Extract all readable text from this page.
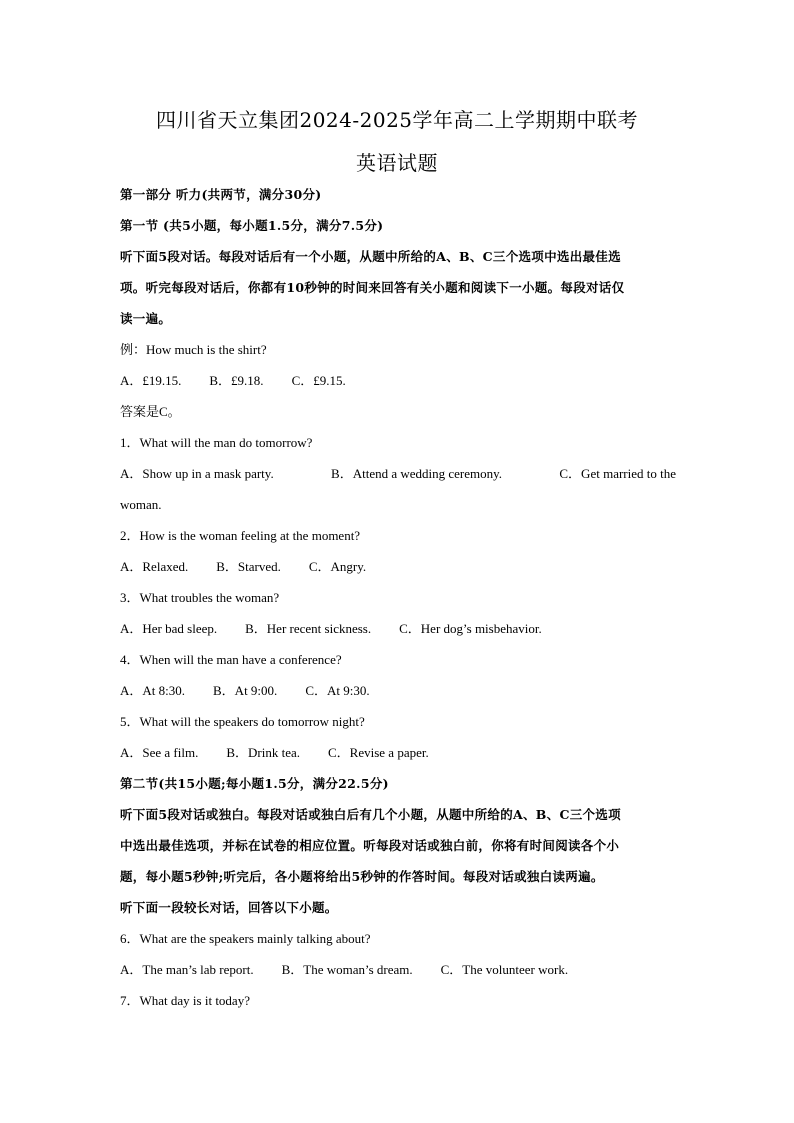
四川省天立集团2024-2025学年高二上学期期中联考
英语试题
第一部分 听力(共两节，满分30分)
第一节 (共5小题，每小题1.5分，满分7.5分)
听下面5段对话。每段对话后有一个小题，从题中所给的A、B、C三个选项中选出最佳选
项。听完每段对话后，你都有10秒钟的时间来回答有关小题和阅读下一小题。每段对话仅
读一遍。
例：How much is the shirt?
A．£19.15. B．£9.18. C．£9.15.
答案是C。
1．What will the man do tomorrow?
A．Show up in a mask party.	B．Attend a wedding ceremony.	C．Get married to the
woman.
2．How is the woman feeling at the moment?
A．Relaxed. B．Starved. C．Angry.
3．What troubles the woman?
A．Her bad sleep. B．Her recent sickness. C．Her dog’s misbehavior.
4．When will the man have a conference?
A．At 8:30. B．At 9:00. C．At 9:30.
5．What will the speakers do tomorrow night?
A．See a film. B．Drink tea. C．Revise a paper.
第二节(共15小题;每小题1.5分，满分22.5分)
听下面5段对话或独白。每段对话或独白后有几个小题，从题中所给的A、B、C三个选项
中选出最佳选项，并标在试卷的相应位置。听每段对话或独白前，你将有时间阅读各个小
题，每小题5秒钟;听完后，各小题将给出5秒钟的作答时间。每段对话或独白读两遍。
听下面一段较长对话，回答以下小题。
6．What are the speakers mainly talking about?
A．The man’s lab report. B．The woman’s dream. C．The volunteer work.
7．What day is it today?
